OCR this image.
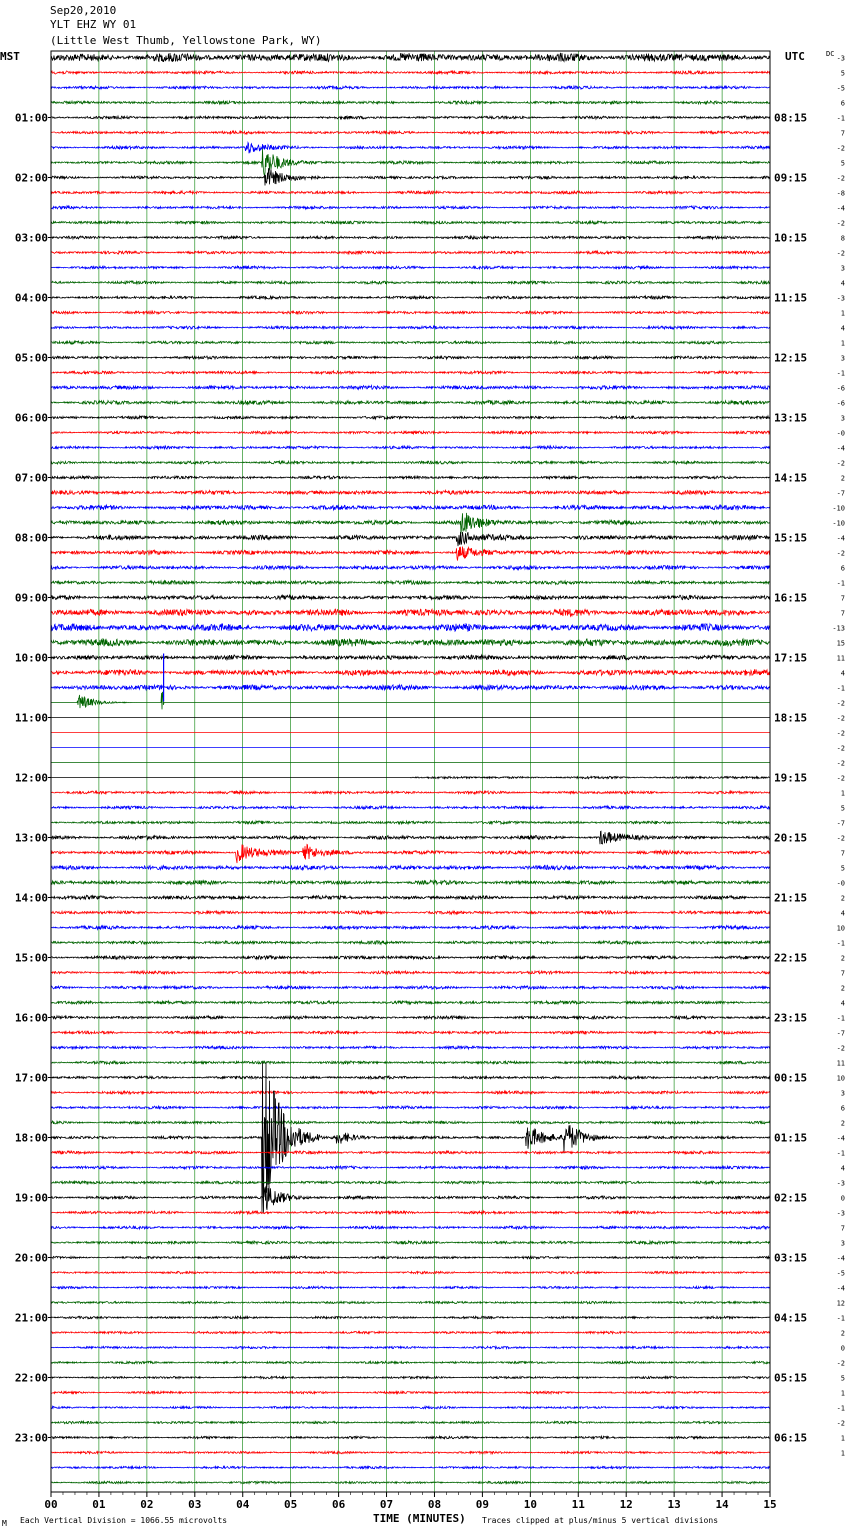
00	01	02	03	04	05	06	07	08	09	10	11	12	13	14	15
01:00
02:00
03:00
04:00
05:00
06:00
07:00
08:00
09:00
10:00
11:00
12:00
13:00
14:00
15:00
16:00
17:00
18:00
19:00
20:00
21:00
22:00
23:00
08:15
09:15
10:15
11:15
12:15
13:15
14:15
15:15
16:15
17:15
18:15
19:15
20:15
21:15
22:15
23:15
00:15
01:15
02:15
03:15
04:15
05:15
06:15
-3
5
-5
6
-1
7
-2
5
-2
-8
-4
-2
8
-2
3
4
-3
1
4
1
3
-1
-6
-6
3
-0
-4
-2
2
-7
-10
-10
-4
-2
6
-1
7
7
-13
15
11
4
-1
-2
-2
-2
-2
-2
-2
1
5
-7
-2
7
5
-0
2
4
10
-1
2
7
2
4
-1
-7
-2
11
10
3
6
2
-4
-1
4
-3
0
-3
7
3
-4
-5
-4
12
-1
2
0
-2
5
1
-1
-2
1
1
Sep20,2010
YLT EHZ WY 01
(Little West Thumb, Yellowstone Park, WY)
MST	UTC	DC
TIME (MINUTES)
M Each Vertical Division = 1066.55 microvolts	Traces clipped at plus/minus 5 vertical divisions
